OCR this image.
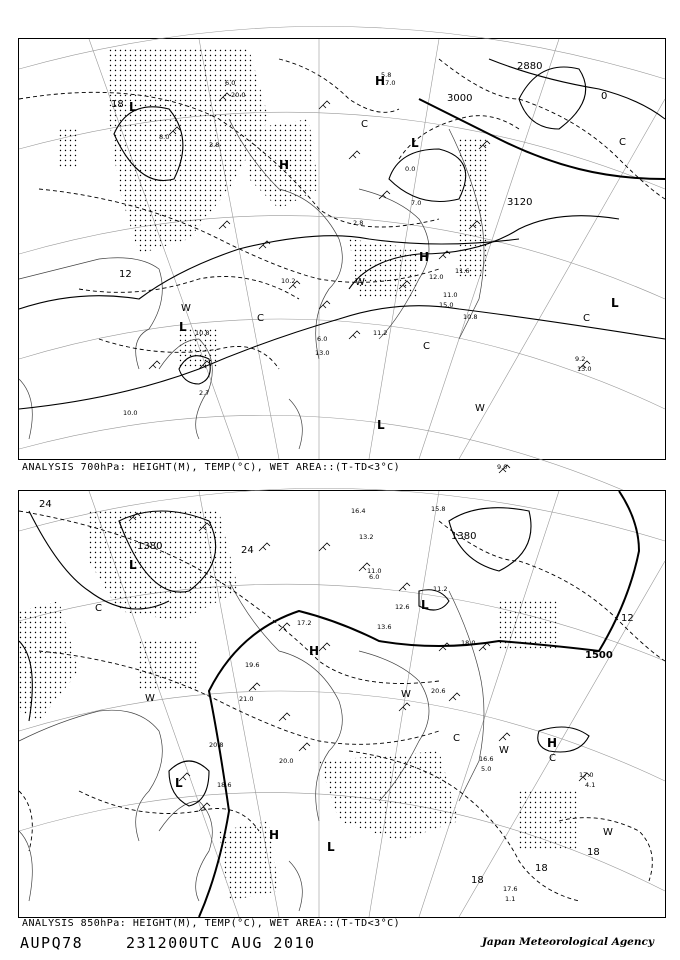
5.8
17.0
6.0
20.0
8.0
3.8
0.0
7.0
10.2
2.8
11.0
11.6
12.0
15.0
13.0
10.8
6.0
9.2
13.0
9.0
11.2
10.8
2.7
10.0
3000
2880
3120
18
12
0
L
L
L
L
L
H
H
H
C
C
C
C
C
W
W
W
ANALYSIS 700hPa: HEIGHT(M), TEMP(°C), WET AREA::(T-TD<3°C)
16.4	15.8
13.2
11.0
12.6
17.2	13.6
19.6
20.8
21.0
16.6
17.0
18.6
20.0
11.2
18.0
17.6
20.6
6.0
5.0
4.1
1.1
1380
1380
1500
24
12
18
18
18
24
L
L
L
L
H
H
H
C
C
C
W	W
W
W
ANALYSIS 850hPa: HEIGHT(M), TEMP(°C), WET AREA::(T-TD<3°C)
AUPQ78	231200UTC AUG 2010	Japan Meteorological Agency
